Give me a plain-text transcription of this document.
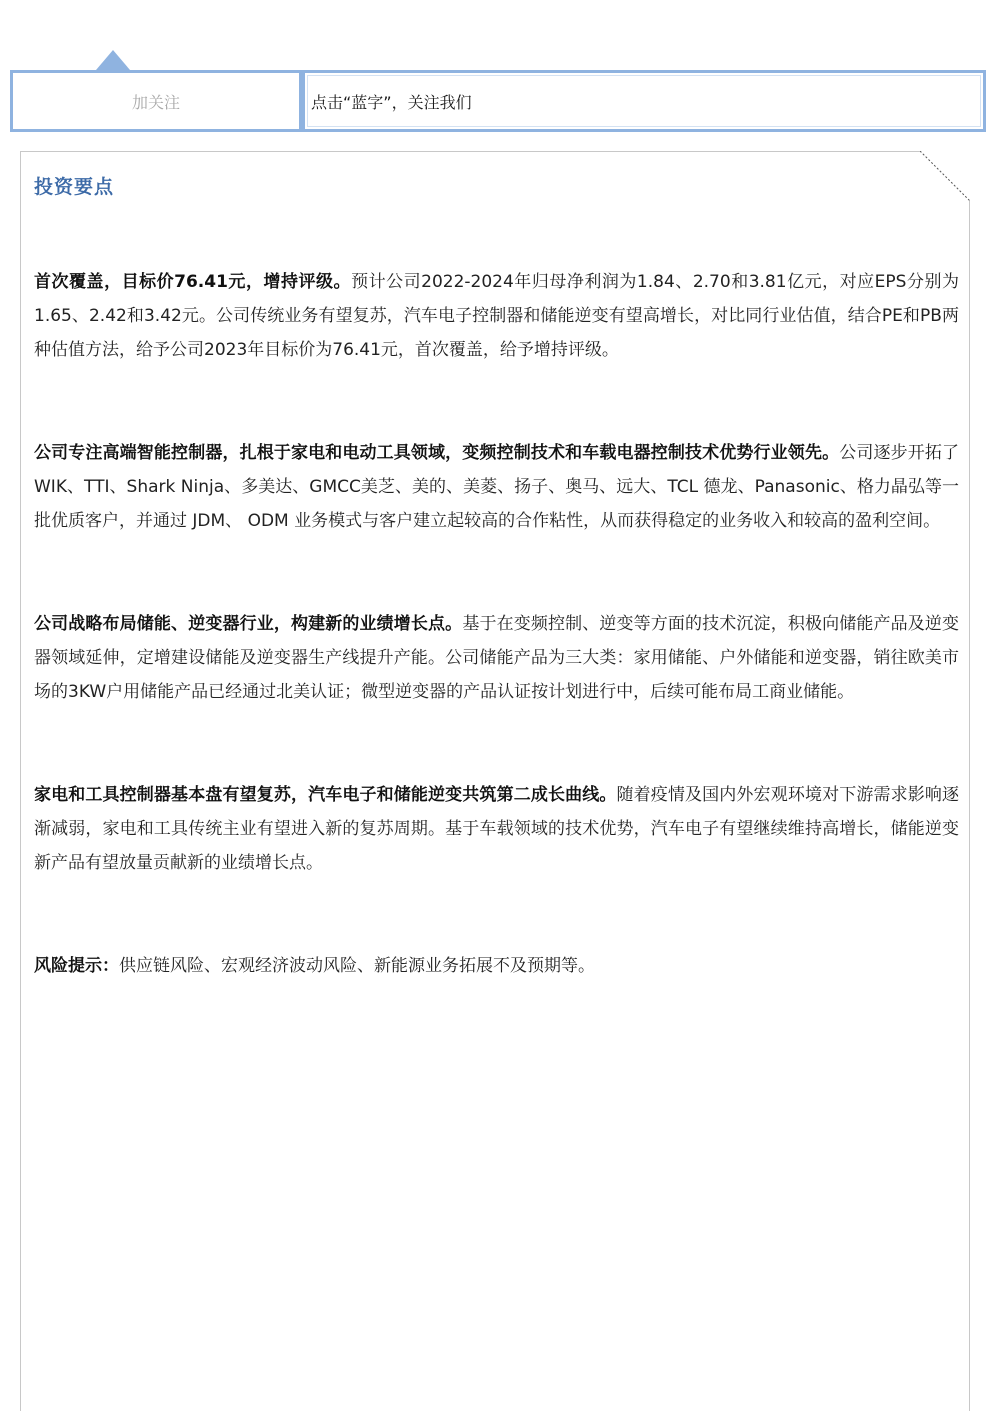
加关注	点击“蓝字”，关注我们
投资要点

首次覆盖，目标价76.41元，增持评级。预计公司2022-2024年归母净利润为1.84、2.70和3.81亿元，对应EPS分别为1.65、2.42和3.42元。公司传统业务有望复苏，汽车电子控制器和储能逆变有望高增长，对比同行业估值，结合PE和PB两种估值方法，给予公司2023年目标价为76.41元，首次覆盖，给予增持评级。

公司专注高端智能控制器，扎根于家电和电动工具领域，变频控制技术和车载电器控制技术优势行业领先。公司逐步开拓了WIK、TTI、Shark Ninja、多美达、GMCC美芝、美的、美菱、扬子、奥马、远大、TCL 德龙、Panasonic、格力晶弘等一批优质客户，并通过 JDM、 ODM 业务模式与客户建立起较高的合作粘性，从而获得稳定的业务收入和较高的盈利空间。

公司战略布局储能、逆变器行业，构建新的业绩增长点。基于在变频控制、逆变等方面的技术沉淀，积极向储能产品及逆变器领域延伸，定增建设储能及逆变器生产线提升产能。公司储能产品为三大类：家用储能、户外储能和逆变器，销往欧美市场的3KW户用储能产品已经通过北美认证；微型逆变器的产品认证按计划进行中，后续可能布局工商业储能。

家电和工具控制器基本盘有望复苏，汽车电子和储能逆变共筑第二成长曲线。随着疫情及国内外宏观环境对下游需求影响逐渐减弱，家电和工具传统主业有望进入新的复苏周期。基于车载领域的技术优势，汽车电子有望继续维持高增长，储能逆变新产品有望放量贡献新的业绩增长点。

风险提示：供应链风险、宏观经济波动风险、新能源业务拓展不及预期等。
